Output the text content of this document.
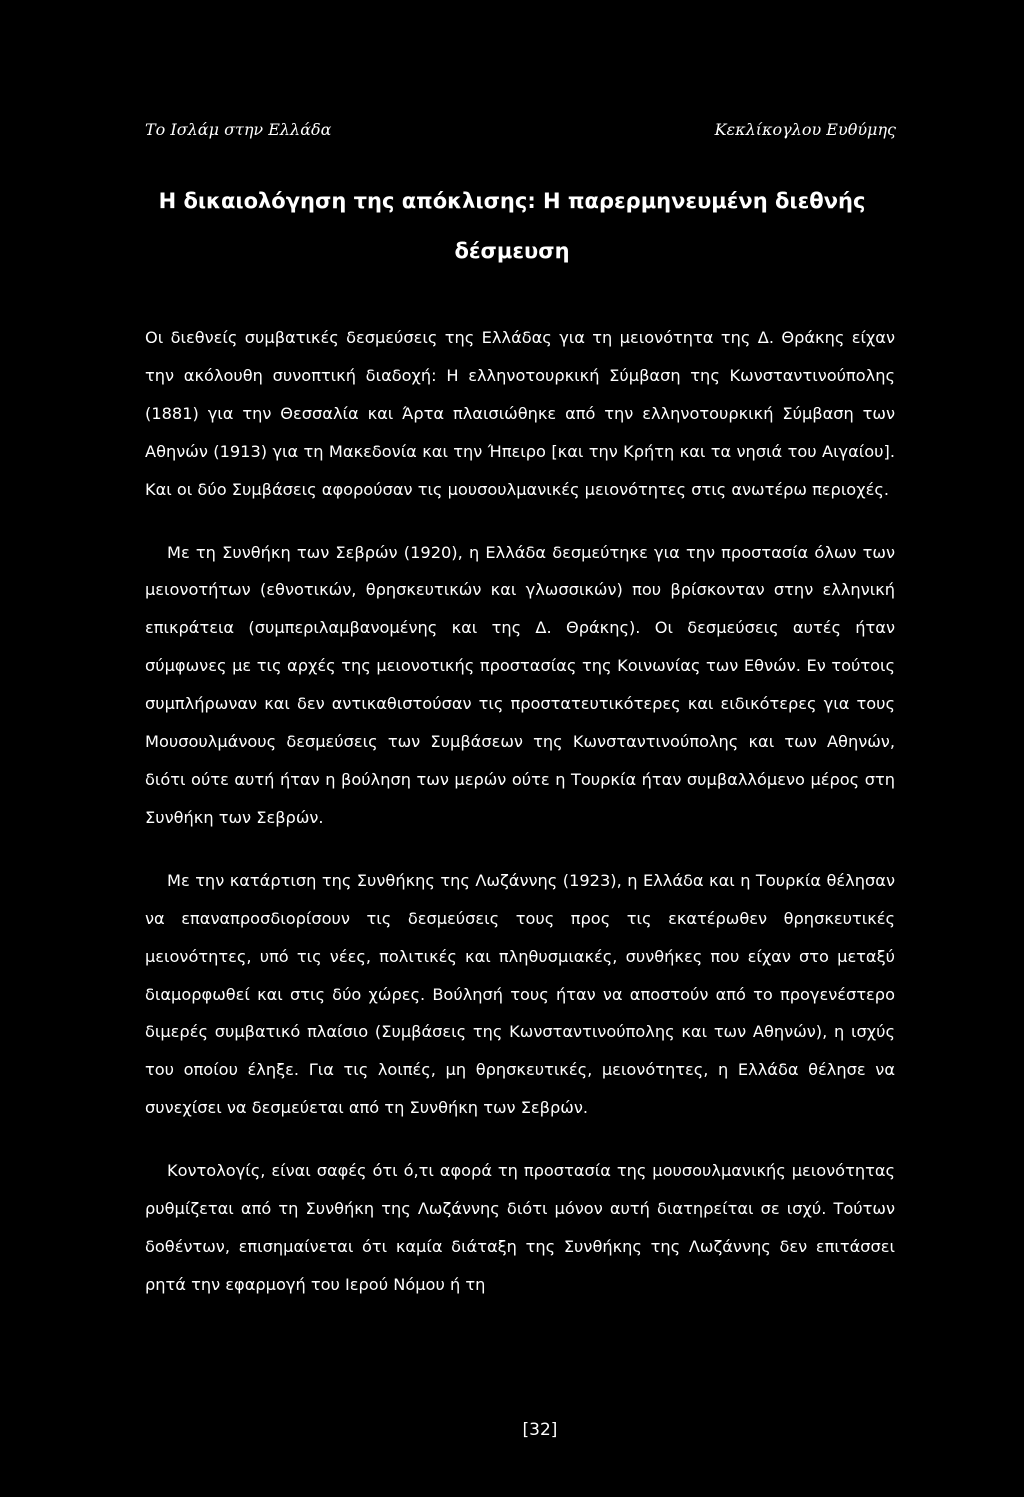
Το Ισλάμ στην Ελλάδα	Κεκλίκογλου Ευθύμης
Η δικαιολόγηση της απόκλισης: Η παρερμηνευμένη διεθνής
δέσμευση

Οι διεθνείς συμβατικές δεσμεύσεις της Ελλάδας για τη μειονότητα της Δ. Θράκης είχαν την ακόλουθη συνοπτική διαδοχή: Η ελληνοτουρκική Σύμβαση της Κωνσταντινούπολης (1881) για την Θεσσαλία και Άρτα πλαισιώθηκε από την ελληνοτουρκική Σύμβαση των Αθηνών (1913) για τη Μακεδονία και την Ήπειρο [και την Κρήτη και τα νησιά του Αιγαίου]. Και οι δύο Συμβάσεις αφορούσαν τις μουσουλμανικές μειονότητες στις ανωτέρω περιοχές.

Με τη Συνθήκη των Σεβρών (1920), η Ελλάδα δεσμεύτηκε για την προστασία όλων των μειονοτήτων (εθνοτικών, θρησκευτικών και γλωσσικών) που βρίσκονταν στην ελληνική επικράτεια (συμπεριλαμβανομένης και της Δ. Θράκης). Οι δεσμεύσεις αυτές ήταν σύμφωνες με τις αρχές της μειονοτικής προστασίας της Κοινωνίας των Εθνών. Εν τούτοις συμπλήρωναν και δεν αντικαθιστούσαν τις προστατευτικότερες και ειδικότερες για τους Μουσουλμάνους δεσμεύσεις των Συμβάσεων της Κωνσταντινούπολης και των Αθηνών, διότι ούτε αυτή ήταν η βούληση των μερών ούτε η Τουρκία ήταν συμβαλλόμενο μέρος στη Συνθήκη των Σεβρών.

Με την κατάρτιση της Συνθήκης της Λωζάννης (1923), η Ελλάδα και η Τουρκία θέλησαν να επαναπροσδιορίσουν τις δεσμεύσεις τους προς τις εκατέρωθεν θρησκευτικές μειονότητες, υπό τις νέες, πολιτικές και πληθυσμιακές, συνθήκες που είχαν στο μεταξύ διαμορφωθεί και στις δύο χώρες. Βούλησή τους ήταν να αποστούν από το προγενέστερο διμερές συμβατικό πλαίσιο (Συμβάσεις της Κωνσταντινούπολης και των Αθηνών), η ισχύς του οποίου έληξε. Για τις λοιπές, μη θρησκευτικές, μειονότητες, η Ελλάδα θέλησε να συνεχίσει να δεσμεύεται από τη Συνθήκη των Σεβρών.

Κοντολογίς, είναι σαφές ότι ό,τι αφορά τη προστασία της μουσουλμανικής μειονότητας ρυθμίζεται από τη Συνθήκη της Λωζάννης διότι μόνον αυτή διατηρείται σε ισχύ. Τούτων δοθέντων, επισημαίνεται ότι καμία διάταξη της Συνθήκης της Λωζάννης δεν επιτάσσει ρητά την εφαρμογή του Ιερού Νόμου ή τη

[32]
